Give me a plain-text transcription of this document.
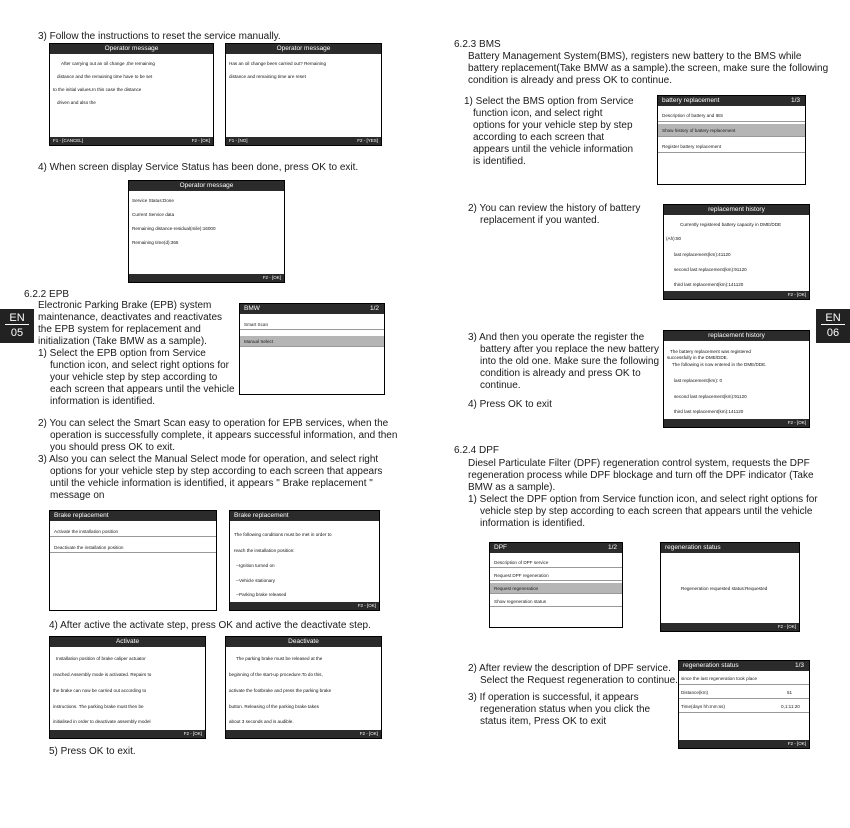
3) Follow the instructions to reset the service manually.
Operator message
After carrying out an oil change ,the remaining
distance and the remaining time have to be set
to the initial values.In this case the distance
driven and also the
F1 - [CANCEL]	F2 - [OK]
Operator message
Has an oil change been carried out? Remaining
distance and remaining time are reset
F1 - [NO]	F2 - [YES]
4) When screen display Service Status has been done, press OK to exit.
Operator message
Service Status:Done
Current Service data
Remaining distance-residual(mile):16000
Remaining time(d):365
F2 - [OK]
6.2.2 EPB
Electronic Parking Brake (EPB) system
maintenance, deactivates and reactivates
the EPB system for replacement and
initialization (Take BMW as a sample).
1) Select the EPB option from Service
function icon, and select right options for
your vehicle step by step according to
each screen that appears until the vehicle
information is identified.
BMW	1/2
Smart Scan
Manual Select
2) You can select the Smart Scan easy to operation for EPB services, when the
operation is successfully complete, it appears successful information, and then
you should press OK to exit.
3) Also you can select the Manual Select mode for operation, and select right
options for your vehicle step by step according to each screen that appears
until the vehicle information is identified, it appears " Brake replacement "
message on
Brake replacement
Activate the installation position
Deactivate the installation position
Brake replacement
The following conditions must be met in order to
reach the installation position:
--Ignition turned on
--Vehicle stationary
--Parking brake released
F2 - [OK]
4) After active the activate step, press OK and active the deactivate step.
Activate
Installation position of brake caliper actuator
reached.Assembly mode is activated. Repairs to
the brake can now be carried out according to
instructions. The parking brake must then be
initialised in order to deactivate assembly model
F2 - [OK]
Deactivate
The parking brake must be released at the
beginning of the start-up procedure.To do this,
activate the footbrake and press the parking brake
button. Releasing of the parking brake takes
about 3 seconds and is audible.
F2 - [OK]
5) Press OK to exit.
EN
05
6.2.3 BMS
Battery Management System(BMS), registers new battery to the BMS while
battery replacement(Take BMW as a sample).the screen, make sure the following
condition is already and press OK to continue.
1) Select the BMS option from Service
function icon, and select right
options for your vehicle step by step
according to each screen that
appears until the vehicle information
is identified.
battery replacement	1/3
Description of battery and IBS
Show history of battery replacement
Register battery replacement
2) You can review the history of battery
replacement if you wanted.
replacement history
Currently registered battery capacity in DME/DDE
(Ah):80
last replacement(km):41120
second last replacement(km):91120
third last replacement(km):141120
F2 - [OK]
3) And then you operate the register the
battery after you replace the new battery
into the old one. Make sure the following
condition is already and press OK to
continue.
4) Press OK to exit
replacement history
The battery replacement was registered
successfully in the DME/DDE.
The following is now entered in the DME/DDE.
last replacement(km): 0
second last replacement(km):91120
third last replacement(km):141120
F2 - [OK]
6.2.4 DPF
Diesel Particulate Filter (DPF) regeneration control system, requests the DPF
regeneration process while DPF blockage and turn off the DPF indicator (Take
BMW as a sample).
1) Select the DPF option from Service function icon, and select right options for
vehicle step by step according to each screen that appears until the vehicle
information is identified.
DPF	1/2
Description of DPF service
Request DPF regeneration
Request regeneration
Show regeneration status
regeneration status
Regeneration requested status:Requested
F2 - [OK]
2) After review the description of DPF service.
Select the Request regeneration to continue.
3) If operation is successful, it appears
regeneration status when you click the
status item, Press OK to exit
regeneration status	1/3
since the last regeneration took place
Distance(km)	51
Time(days hh:mm:ss)	0,1:11:20
F2 - [OK]
EN
06
